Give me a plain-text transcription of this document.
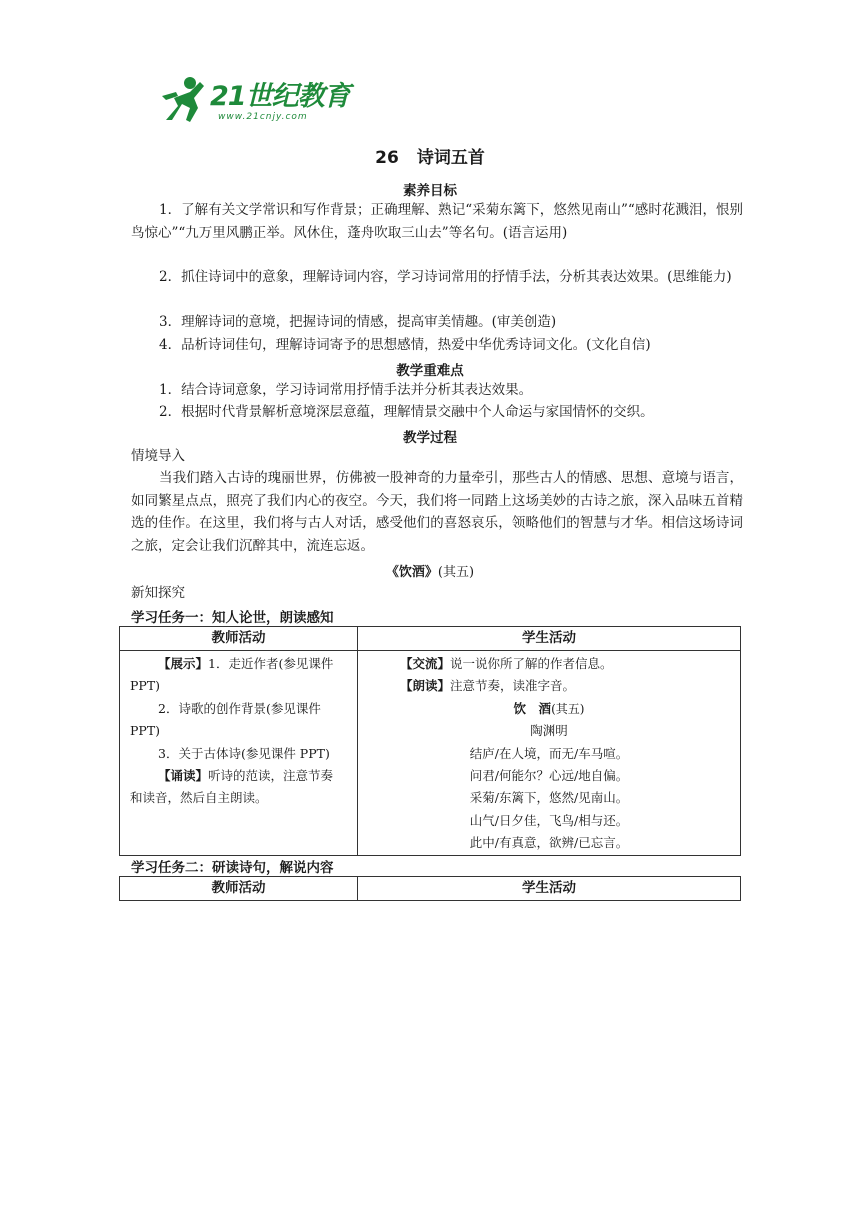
21世纪教育
www.21cnjy.com
26 诗词五首
素养目标
1．了解有关文学常识和写作背景；正确理解、熟记“采菊东篱下，悠然见南山”“感时花溅泪，恨别鸟惊心”“九万里风鹏正举。风休住，蓬舟吹取三山去”等名句。(语言运用)
2．抓住诗词中的意象，理解诗词内容，学习诗词常用的抒情手法，分析其表达效果。(思维能力)
3．理解诗词的意境，把握诗词的情感，提高审美情趣。(审美创造)
4．品析诗词佳句，理解诗词寄予的思想感情，热爱中华优秀诗词文化。(文化自信)
教学重难点
1．结合诗词意象，学习诗词常用抒情手法并分析其表达效果。
2．根据时代背景解析意境深层意蕴，理解情景交融中个人命运与家国情怀的交织。
教学过程
情境导入
当我们踏入古诗的瑰丽世界，仿佛被一股神奇的力量牵引，那些古人的情感、思想、意境与语言，如同繁星点点，照亮了我们内心的夜空。今天，我们将一同踏上这场美妙的古诗之旅，深入品味五首精选的佳作。在这里，我们将与古人对话，感受他们的喜怒哀乐，领略他们的智慧与才华。相信这场诗词之旅，定会让我们沉醉其中，流连忘返。
《饮酒》(其五)
新知探究
学习任务一：知人论世，朗读感知
教师活动	学生活动

【展示】1．走近作者(参见课件 PPT)

2．诗歌的创作背景(参见课件 PPT)

3．关于古体诗(参见课件 PPT)

【诵读】听诗的范读，注意节奏和读音，然后自主朗读。

【交流】说一说你所了解的作者信息。

【朗读】注意节奏，读准字音。

饮　酒(其五)

陶渊明

结庐/在人境，而无/车马喧。

问君/何能尔？心远/地自偏。

采菊/东篱下，悠然/见南山。

山气/日夕佳，飞鸟/相与还。

此中/有真意，欲辨/已忘言。

学习任务二：研读诗句，解说内容
教师活动	学生活动
